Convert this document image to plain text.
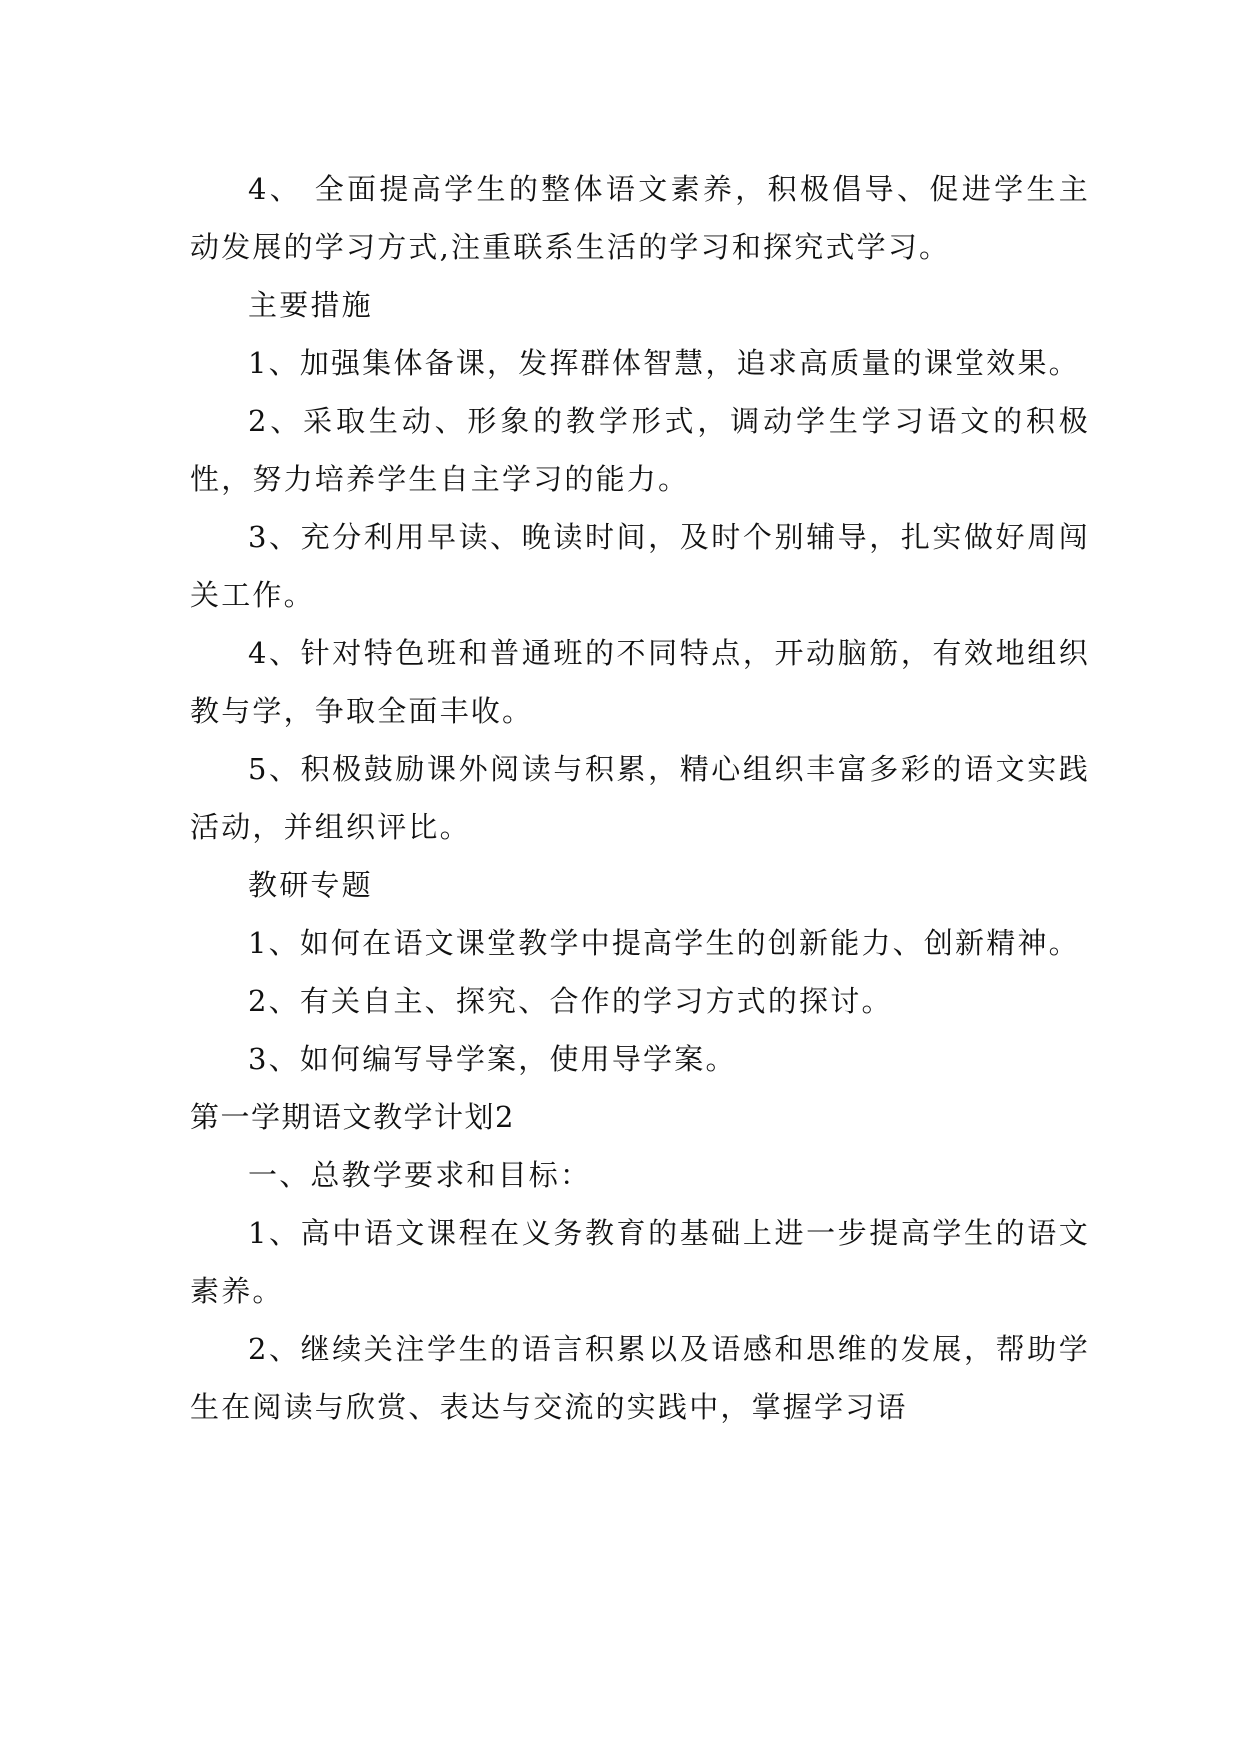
4、 全面提高学生的整体语文素养，积极倡导、促进学生主动发展的学习方式,注重联系生活的学习和探究式学习。

主要措施

1、加强集体备课，发挥群体智慧，追求高质量的课堂效果。

2、采取生动、形象的教学形式，调动学生学习语文的积极性，努力培养学生自主学习的能力。

3、充分利用早读、晚读时间，及时个别辅导，扎实做好周闯关工作。

4、针对特色班和普通班的不同特点，开动脑筋，有效地组织教与学，争取全面丰收。

5、积极鼓励课外阅读与积累，精心组织丰富多彩的语文实践活动，并组织评比。

教研专题

1、如何在语文课堂教学中提高学生的创新能力、创新精神。

2、有关自主、探究、合作的学习方式的探讨。

3、如何编写导学案，使用导学案。

第一学期语文教学计划2

一、总教学要求和目标：

1、高中语文课程在义务教育的基础上进一步提高学生的语文素养。

2、继续关注学生的语言积累以及语感和思维的发展，帮助学生在阅读与欣赏、表达与交流的实践中，掌握学习语
